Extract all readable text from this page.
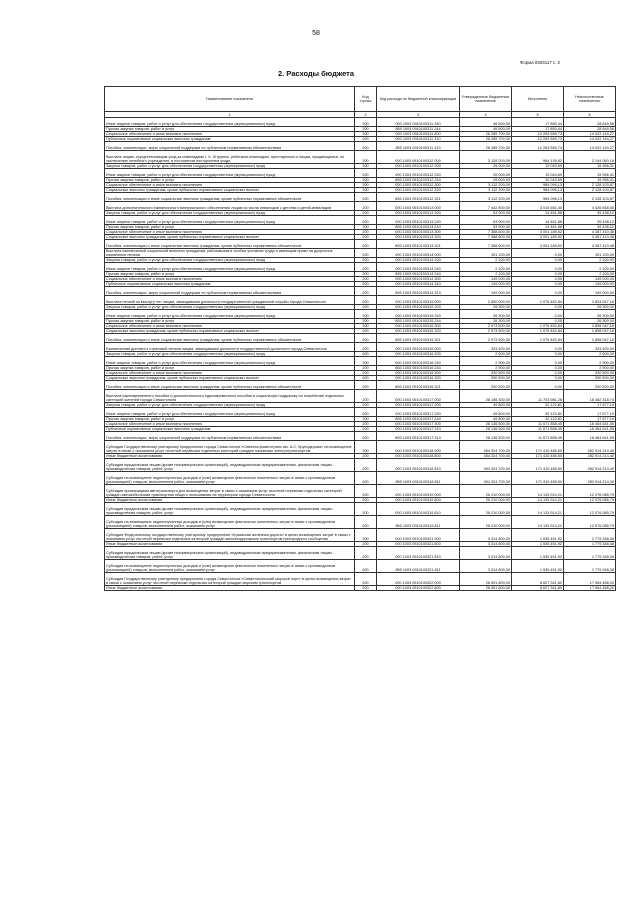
58
Форма 0503117 с. 2
2. Расходы бюджета
Наименование показателя	Код строки	Код расхода по бюджетной классификации	Утвержденные бюджетные назначения	Исполнено	Неисполненные назначения
1	2	3	4	5	6
Иные закупки товаров, работ и услуг для обеспечения государственных (муниципальных) нужд	200	000 1003 0910100311 240	46 500,00	17 850,44	28 649,56
Прочая закупка товаров, работ и услуг	200	855 1003 0910100311 244	46 500,00	17 850,44	28 649,56
Социальное обеспечение и иные выплаты населению	200	000 1003 0910100311 300	26 285 700,00	12 263 555,73	14 022 144,27
Публичные нормативные социальные выплаты гражданам	200	000 1003 0910100311 310	26 285 700,00	12 263 555,73	14 022 144,27
Пособия, компенсации, меры социальной поддержки по публичным нормативным обязательствам	200	855 1003 0910100311 313	26 285 700,00	12 263 555,73	14 022 144,27
Выплата лицам, осуществляющим уход за инвалидами I, II, III группы, ребенком-инвалидом, престарелым и лицам, нуждающимся, по заключению лечебного учреждения, в постоянном постороннем уходе	200	000 1003 0910100312 000	3 128 200,00	984 139,82	2 144 060,18
Закупка товаров, работ и услуг для обеспечения государственных (муниципальных) нужд	200	000 1003 0910100312 200	26 000,00	10 043,69	15 956,31
Иные закупки товаров, работ и услуг для обеспечения государственных (муниципальных) нужд	200	000 1003 0910100312 240	26 000,00	10 043,69	15 956,31
Прочая закупка товаров, работ и услуг	200	855 1003 0910100312 244	26 000,00	10 043,69	15 956,31
Социальное обеспечение и иные выплаты населению	200	000 1003 0910100312 300	3 112 200,00	984 096,13	2 128 103,87
Социальные выплаты гражданам, кроме публичных нормативных социальных выплат	200	000 1003 0910100312 320	3 112 200,00	984 096,13	2 128 103,87
Пособия, компенсации и иные социальные выплаты гражданам, кроме публичных нормативных обязательств	200	855 1003 0910100312 321	3 112 200,00	984 096,13	2 128 103,87
Выплата дополнительного ежемесячного материального обеспечения лицам из числа инвалидов с детства и детей-инвалидов	200	000 1003 0910100313 000	7 442 500,00	3 015 651,40	4 426 848,60
Закупка товаров, работ и услуг для обеспечения государственных (муниципальных) нужд	200	000 1003 0910100313 200	53 900,00	14 461,88	39 438,12
Иные закупки товаров, работ и услуг для обеспечения государственных (муниципальных) нужд	200	000 1003 0910100313 240	53 900,00	14 461,88	39 438,12
Прочая закупка товаров, работ и услуг	200	855 1003 0910100313 244	53 900,00	14 461,88	39 438,12
Социальное обеспечение и иные выплаты населению	200	000 1003 0910100313 300	7 388 600,00	3 001 189,52	4 387 410,48
Социальные выплаты гражданам, кроме публичных нормативных социальных выплат	200	000 1003 0910100313 320	7 388 600,00	3 001 189,52	4 387 410,48
Пособия, компенсации и иные социальные выплаты гражданам, кроме публичных нормативных обязательств	200	855 1003 0910100313 321	7 388 600,00	3 001 189,52	4 387 410,48
Выплата ежемесячной социальной выплаты гражданам, работавшим в особых условиях труда и имеющим право на досрочное назначение пенсии	200	000 1003 0910100314 000	151 100,00	0,00	151 100,00
Закупка товаров, работ и услуг для обеспечения государственных (муниципальных) нужд	200	000 1003 0910100314 200	2 100,00	0,00	2 100,00
Иные закупки товаров, работ и услуг для обеспечения государственных (муниципальных) нужд	200	000 1003 0910100314 240	2 100,00	0,00	2 100,00
Прочая закупка товаров, работ и услуг	200	855 1003 0910100314 244	2 100,00	0,00	2 100,00
Социальное обеспечение и иные выплаты населению	200	000 1003 0910100314 300	149 000,00	0,00	149 000,00
Публичные нормативные социальные выплаты гражданам	200	000 1003 0910100314 310	149 000,00	0,00	149 000,00
Пособия, компенсации, меры социальной поддержки по публичным нормативным обязательствам	200	855 1003 0910100314 313	149 000,00	0,00	149 000,00
Выплата пенсий за выслугу лет лицам, замещавшим должности государственной гражданской службы города Севастополя	200	000 1003 0910100315 000	2 800 000,00	1 075 452,84	1 824 547,16
Закупка товаров, работ и услуг для обеспечения государственных (муниципальных) нужд	200	000 1003 0910100315 200	26 300,00	0,00	26 300,00
Иные закупки товаров, работ и услуг для обеспечения государственных (муниципальных) нужд	200	000 1003 0910100315 240	26 300,00	0,00	26 300,00
Прочая закупка товаров, работ и услуг	200	855 1003 0910100315 244	26 300,00	0,00	26 300,00
Социальное обеспечение и иные выплаты населению	200	000 1003 0910100315 300	2 973 500,00	1 075 452,84	1 898 047,16
Социальные выплаты гражданам, кроме публичных нормативных социальных выплат	200	000 1003 0910100315 320	2 973 500,00	1 075 452,84	1 898 047,16
Пособия, компенсации и иные социальные выплаты гражданам, кроме публичных нормативных обязательств	200	855 1003 0910100315 321	2 973 500,00	1 075 452,84	1 898 047,16
Ежемесячная доплата к страховой пенсии лицам, замещавшим должности государственной должности города Севастополя	200	000 1003 0910100316 000	333 400,00	0,00	333 400,00
Закупка товаров, работ и услуг для обеспечения государственных (муниципальных) нужд	200	000 1003 0910100316 200	2 900,00	0,00	2 900,00
Иные закупки товаров, работ и услуг для обеспечения государственных (муниципальных) нужд	200	000 1003 0910100316 240	2 900,00	0,00	2 900,00
Прочая закупка товаров, работ и услуг	200	855 1003 0910100316 244	2 900,00	0,00	2 900,00
Социальное обеспечение и иные выплаты населению	200	000 1003 0910100316 300	330 500,00	0,00	330 500,00
Социальные выплаты гражданам, кроме публичных нормативных социальных выплат	200	000 1003 0910100316 320	330 500,00	0,00	330 500,00
Пособия, компенсации и иные социальные выплаты гражданам, кроме публичных нормативных обязательств	200	855 1003 0910100316 321	330 500,00	0,00	330 500,00
Выплата единовременного пособия и дополнительного единовременного пособия в социальную поддержку на погребение отдельных категорий жителей города Севастополя	200	000 1003 0910100317 000	28 186 300,00	11 703 981,26	16 482 318,74
Закупка товаров, работ и услуг для обеспечения государственных (муниципальных) нужд	200	000 1003 0910100317 200	49 800,00	32 122,81	17 677,19
Иные закупки товаров, работ и услуг для обеспечения государственных (муниципальных) нужд	200	000 1003 0910100317 240	49 800,00	32 122,81	17 677,19
Прочая закупка товаров, работ и услуг	200	855 1003 0910100317 244	49 800,00	32 122,81	17 677,19
Социальное обеспечение и иные выплаты населению	200	000 1003 0910100317 300	28 136 500,00	11 671 858,45	16 464 641,55
Публичные нормативные социальные выплаты гражданам	200	000 1003 0910100317 310	28 136 500,00	11 671 858,45	16 464 641,55
Пособия, компенсации, меры социальной поддержки по публичным нормативным обязательствам	200	855 1003 0910100317 313	28 136 500,00	11 671 858,45	16 464 641,55
Субсидия Государственному унитарному предприятию города Севастополя «Севэлектроавтотранс им. А.С. Круподерова» на возмещение затрат в связи с оказанием услуг льготной перевозки отдельных категорий граждан наземным электротранспортом	200	000 1003 0910100318 000	454 324 700,00	171 410 485,60	282 914 214,40
Иные бюджетные ассигнования	200	000 1003 0910100318 800	454 324 700,00	171 410 485,60	282 914 214,40
Субсидии юридическим лицам (кроме некоммерческих организаций), индивидуальным предпринимателям, физическим лицам - производителям товаров, работ, услуг	200	000 1003 0910100318 810	454 324 700,00	171 410 485,60	282 914 214,40
Субсидии на возмещение недополученных доходов и (или) возмещение фактически понесенных затрат в связи с производством (реализацией) товаров, выполнением работ, оказанием услуг	200	855 1003 0910100318 811	454 324 700,00	171 410 485,60	282 914 214,40
Субсидия организациям автотранспорта для возмещения затрат в связи с оказанием услуг льготной перевозки отдельных категорий граждан автомобильным транспортом общего пользования на территории города Севастополя	200	000 1003 0910100319 000	26 210 000,00	14 133 914,21	12 076 085,79
Иные бюджетные ассигнования	200	000 1003 0910100319 800	26 210 000,00	14 133 914,21	12 076 085,79
Субсидии юридическим лицам (кроме некоммерческих организаций), индивидуальным предпринимателям, физическим лицам - производителям товаров, работ, услуг	200	000 1003 0910100319 810	26 210 000,00	14 133 914,21	12 076 085,79
Субсидии на возмещение недополученных доходов и (или) возмещение фактически понесенных затрат в связи с производством (реализацией) товаров, выполнением работ, оказанием услуг	200	855 1003 0910100319 811	26 210 000,00	14 133 914,21	12 076 085,79
Субсидия Федеральному государственному унитарному предприятию «Крымская железная дорога» в целях возмещения затрат в связи с оказанием услуг льготной перевозки отдельных категорий граждан железнодорожным транспортом пригородного сообщения	200	000 1003 0910100321 000	3 314 800,00	1 535 451,92	1 779 348,08
Иные бюджетные ассигнования	200	000 1003 0910100321 800	3 314 800,00	1 535 451,92	1 779 348,08
Субсидии юридическим лицам (кроме некоммерческих организаций), индивидуальным предпринимателям, физическим лицам - производителям товаров, работ, услуг	200	000 1003 0910100321 810	3 314 800,00	1 535 451,92	1 779 348,08
Субсидии на возмещение недополученных доходов и (или) возмещение фактически понесенных затрат в связи с производством (реализацией) товаров, выполнением работ, оказанием услуг	200	855 1003 0910100321 811	3 314 800,00	1 535 451,92	1 779 348,08
Субсидия Государственному унитарному предприятию города Севастополя «Севастопольский морской порт» в целях возмещения затрат в связи с оказанием услуг льготной перевозки отдельных категорий граждан морским транспортом	200	000 1003 0910100322 000	26 591 800,00	8 627 341,80	17 964 458,20
Иные бюджетные ассигнования	200	000 1003 0910100322 800	26 591 800,00	8 627 341,80	17 964 458,20
